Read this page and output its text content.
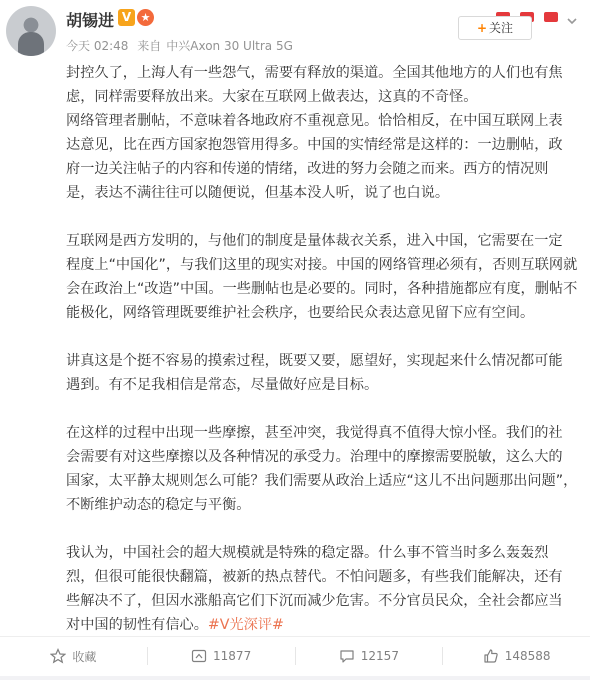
胡锡进 V ★
今天 02:48 来自 中兴Axon 30 Ultra 5G
+ 关注

封控久了，上海人有一些怨气，需要有释放的渠道。全国其他地方的人们也有焦

虑，同样需要释放出来。大家在互联网上做表达，这真的不奇怪。

网络管理者删帖，不意味着各地政府不重视意见。恰恰相反，在中国互联网上表

达意见，比在西方国家抱怨管用得多。中国的实情经常是这样的：一边删帖，政

府一边关注帖子的内容和传递的情绪，改进的努力会随之而来。西方的情况则

是，表达不满往往可以随便说，但基本没人听，说了也白说。

互联网是西方发明的，与他们的制度是量体裁衣关系，进入中国，它需要在一定

程度上“中国化”，与我们这里的现实对接。中国的网络管理必须有，否则互联网就

会在政治上“改造”中国。一些删帖也是必要的。同时，各种措施都应有度，删帖不

能极化，网络管理既要维护社会秩序，也要给民众表达意见留下应有空间。

讲真这是个挺不容易的摸索过程，既要又要，愿望好，实现起来什么情况都可能

遇到。有不足我相信是常态，尽量做好应是目标。

在这样的过程中出现一些摩擦，甚至冲突，我觉得真不值得大惊小怪。我们的社

会需要有对这些摩擦以及各种情况的承受力。治理中的摩擦需要脱敏，这么大的

国家，太平静太规则怎么可能？我们需要从政治上适应“这儿不出问题那出问题”，

不断维护动态的稳定与平衡。

我认为，中国社会的超大规模就是特殊的稳定器。什么事不管当时多么轰轰烈

烈，但很可能很快翻篇，被新的热点替代。不怕问题多，有些我们能解决，还有

些解决不了，但因水涨船高它们下沉而减少危害。不分官员民众，全社会都应当

对中国的韧性有信心。#V光深评#

收藏	11877	12157	148588
